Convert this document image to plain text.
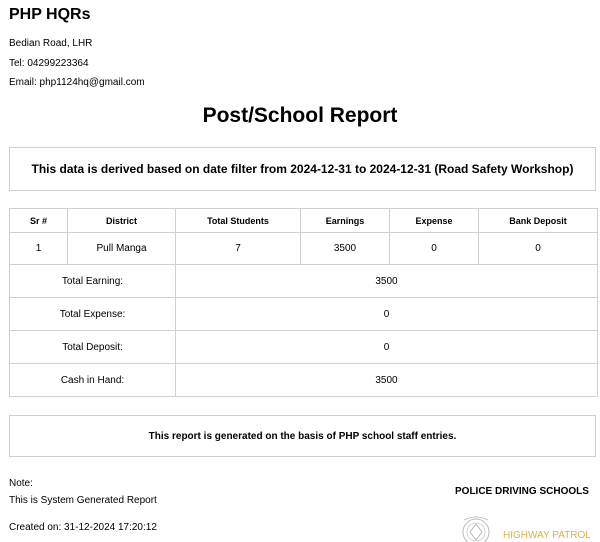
PHP HQRs
Bedian Road, LHR
Tel: 04299223364
Email: php1124hq@gmail.com
Post/School Report
This data is derived based on date filter from 2024-12-31 to 2024-12-31 (Road Safety Workshop)
Sr #	District	Total Students	Earnings	Expense	Bank Deposit
1	Pull Manga	7	3500	0	0
Total Earning:		3500			
Total Expense:		0			
Total Deposit:		0			
Cash in Hand:		3500			
This report is generated on the basis of PHP school staff entries.
Note:
This is System Generated Report
Created on: 31-12-2024 17:20:12
POLICE DRIVING SCHOOLS
HIGHWAY PATROL
